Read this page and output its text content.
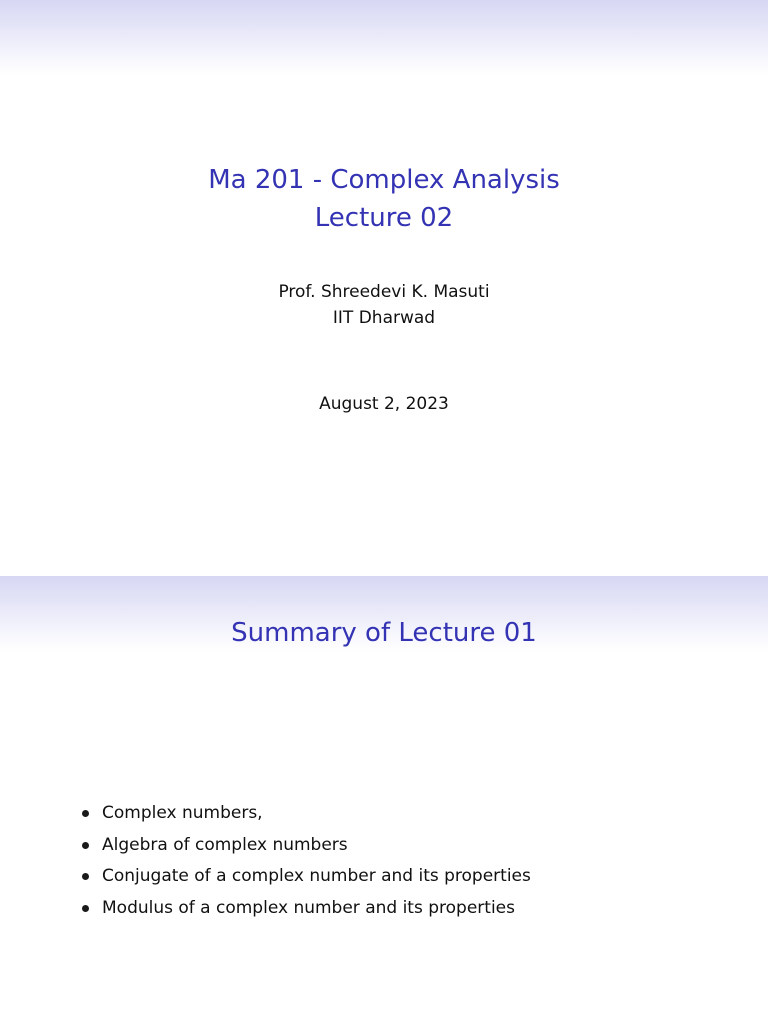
Ma 201 - Complex Analysis
Lecture 02
Prof. Shreedevi K. Masuti
IIT Dharwad
August 2, 2023
Summary of Lecture 01
Complex numbers,
Algebra of complex numbers
Conjugate of a complex number and its properties
Modulus of a complex number and its properties
